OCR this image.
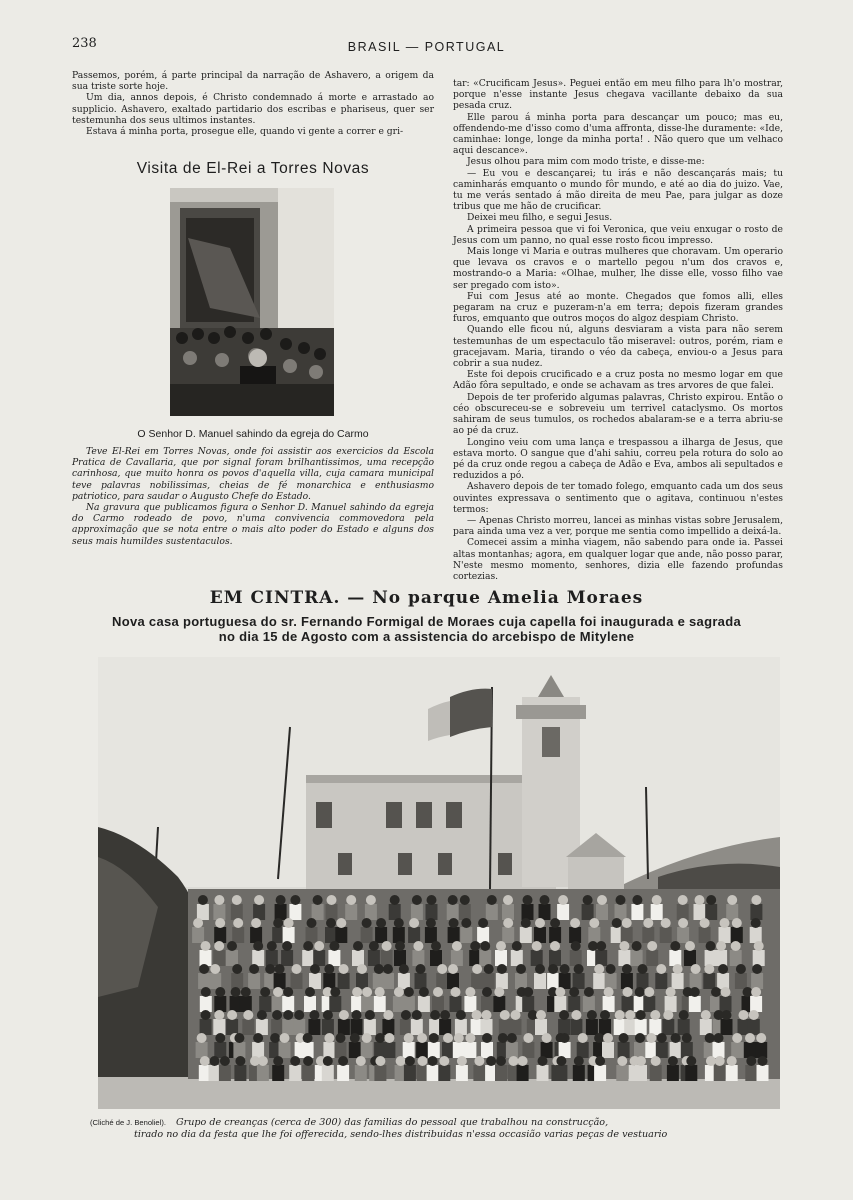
238	BRASIL — PORTUGAL

Passemos, porém, á parte principal da narração de Ashavero, a origem da sua triste sorte hoje.

Um dia, annos depois, é Christo condemnado á morte e arrastado ao supplicio. Ashavero, exaltado partidario dos escribas e phariseus, quer ser testemunha dos seus ultimos instantes.

Estava á minha porta, prosegue elle, quando vi gente a correr e gri-

Visita de El-Rei a Torres Novas
O Senhor D. Manuel sahindo da egreja do Carmo

Teve El-Rei em Torres Novas, onde foi assistir aos exercicios da Escola Pratica de Cavallaria, que por signal foram brilhantissimos, uma recepção carinhosa, que muito honra os povos d'aquella villa, cuja camara municipal teve palavras nobilissimas, cheias de fé monarchica e enthusiasmo patriotico, para saudar o Augusto Chefe do Estado.

Na gravura que publicamos figura o Senhor D. Manuel sahindo da egreja do Carmo rodeado de povo, n'uma convivencia commovedora pela approximação que se nota entre o mais alto poder do Estado e alguns dos seus mais humildes sustentaculos.

tar: «Crucificam Jesus». Peguei então em meu filho para lh'o mostrar, porque n'esse instante Jesus chegava vacillante debaixo da sua pesada cruz.

Elle parou á minha porta para descançar um pouco; mas eu, offendendo-me d'isso como d'uma affronta, disse-lhe duramente: «Ide, caminhae: longe, longe da minha porta! . Não quero que um velhaco aqui descance».

Jesus olhou para mim com modo triste, e disse-me:

— Eu vou e descançarei; tu irás e não descançarás mais; tu caminharás emquanto o mundo fôr mundo, e até ao dia do juizo. Vae, tu me verás sentado á mão direita de meu Pae, para julgar as doze tribus que me hão de crucificar.

Deixei meu filho, e segui Jesus.

A primeira pessoa que vi foi Veronica, que veiu enxugar o rosto de Jesus com um panno, no qual esse rosto ficou impresso.

Mais longe vi Maria e outras mulheres que choravam. Um operario que levava os cravos e o martello pegou n'um dos cravos e, mostrando-o a Maria: «Olhae, mulher, lhe disse elle, vosso filho vae ser pregado com isto».

Fui com Jesus até ao monte. Chegados que fomos alli, elles pegaram na cruz e puzeram-n'a em terra; depois fizeram grandes furos, emquanto que outros moços do algoz despiam Christo.

Quando elle ficou nú, alguns desviaram a vista para não serem testemunhas de um espectaculo tão miseravel: outros, porém, riam e gracejavam. Maria, tirando o véo da cabeça, enviou-o a Jesus para cobrir a sua nudez.

Este foi depois crucificado e a cruz posta no mesmo logar em que Adão fôra sepultado, e onde se achavam as tres arvores de que falei.

Depois de ter proferido algumas palavras, Christo expirou. Então o céo obscureceu-se e sobreveiu um terrivel cataclysmo. Os mortos sahiram de seus tumulos, os rochedos abalaram-se e a terra abriu-se ao pé da cruz.

Longino veiu com uma lança e trespassou a ilharga de Jesus, que estava morto. O sangue que d'ahi sahiu, correu pela rotura do solo ao pé da cruz onde regou a cabeça de Adão e Eva, ambos ali sepultados e reduzidos a pó.

Ashavero depois de ter tomado folego, emquanto cada um dos seus ouvintes expressava o sentimento que o agitava, continuou n'estes termos:

— Apenas Christo morreu, lancei as minhas vistas sobre Jerusalem, para ainda uma vez a ver, porque me sentia como impellido a deixá-la.

Comecei assim a minha viagem, não sabendo para onde ia. Passei altas montanhas; agora, em qualquer logar que ande, não posso parar, N'este mesmo momento, senhores, dizia elle fazendo profundas cortezias.

EM CINTRA. — No parque Amelia Moraes
Nova casa portuguesa do sr. Fernando Formigal de Moraes cuja capella foi inaugurada e sagrada
no dia 15 de Agosto com a assistencia do arcebispo de Mitylene
(Cliché de J. Benoliel). Grupo de creanças (cerca de 300) das familias do pessoal que trabalhou na construcção,
tirado no dia da festa que lhe foi offerecida, sendo-lhes distribuidas n'essa occasião varias peças de vestuario
